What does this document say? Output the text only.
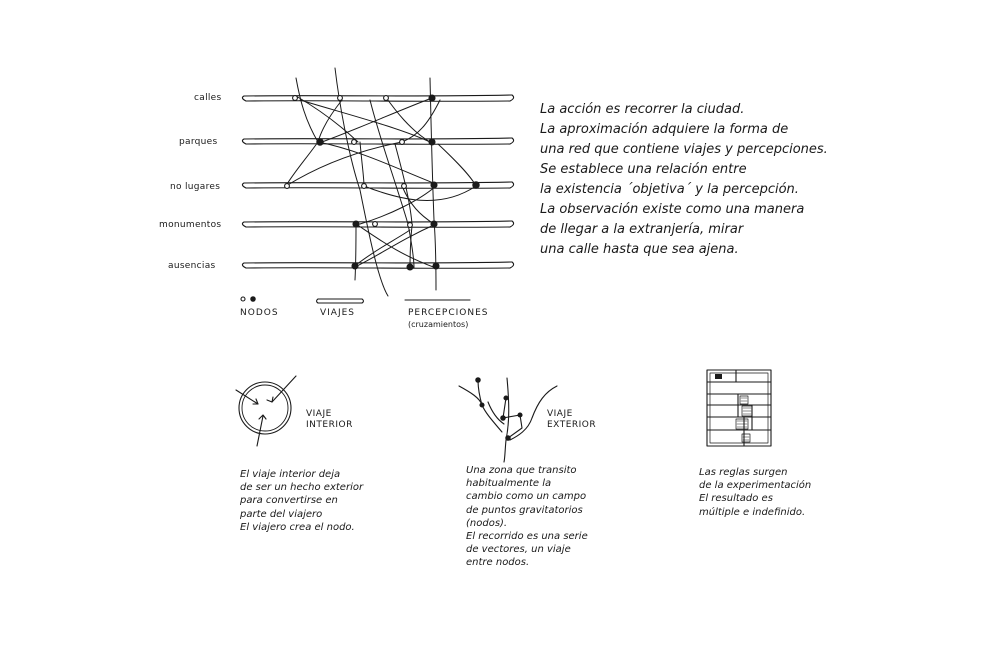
calles
parques
no lugares
monumentos
ausencias
NODOS	VIAJES	PERCEPCIONES
(cruzamientos)
La acción es recorrer la ciudad.
La aproximación adquiere la forma de
una red que contiene viajes y percepciones.
Se establece una relación entre
la existencia ´objetiva´ y la percepción.
La observación existe como una manera
de llegar a la extranjería, mirar
una calle hasta que sea ajena.
VIAJE
INTERIOR
El viaje interior deja
de ser un hecho exterior
para convertirse en
parte del viajero
El viajero crea el nodo.
VIAJE
EXTERIOR
Una zona que transito
habitualmente la
cambio como un campo
de puntos gravitatorios
(nodos).
El recorrido es una serie
de vectores, un viaje
entre nodos.
Las reglas surgen
de la experimentación
El resultado es
múltiple e indefinido.
